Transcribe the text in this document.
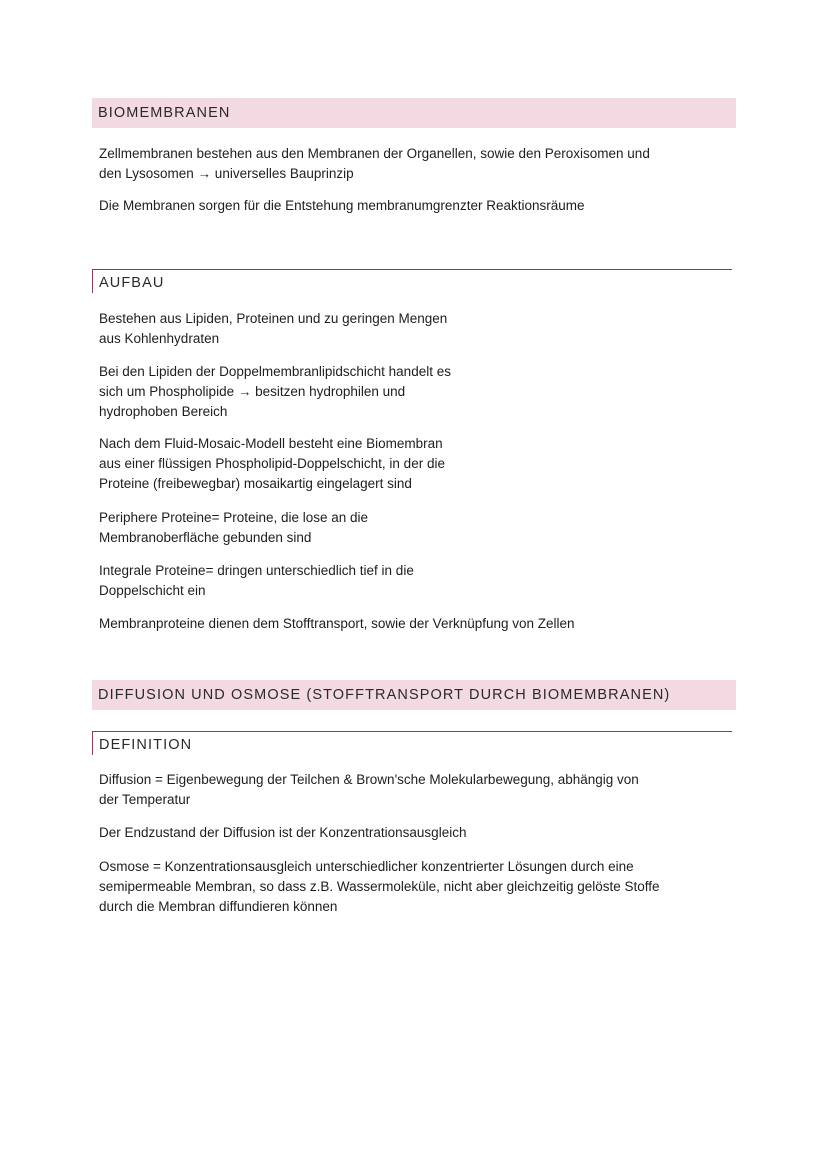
BIOMEMBRANEN

Zellmembranen bestehen aus den Membranen der Organellen, sowie den Peroxisomen und
den Lysosomen → universelles Bauprinzip

Die Membranen sorgen für die Entstehung membranumgrenzter Reaktionsräume

AUFBAU

Bestehen aus Lipiden, Proteinen und zu geringen Mengen
aus Kohlenhydraten

Bei den Lipiden der Doppelmembranlipidschicht handelt es
sich um Phospholipide → besitzen hydrophilen und
hydrophoben Bereich

Nach dem Fluid-Mosaic-Modell besteht eine Biomembran
aus einer flüssigen Phospholipid-Doppelschicht, in der die
Proteine (freibewegbar) mosaikartig eingelagert sind

Periphere Proteine= Proteine, die lose an die
Membranoberfläche gebunden sind

Integrale Proteine= dringen unterschiedlich tief in die
Doppelschicht ein

Membranproteine dienen dem Stofftransport, sowie der Verknüpfung von Zellen

DIFFUSION UND OSMOSE (STOFFTRANSPORT DURCH BIOMEMBRANEN)
DEFINITION

Diffusion = Eigenbewegung der Teilchen & Brown'sche Molekularbewegung, abhängig von
der Temperatur

Der Endzustand der Diffusion ist der Konzentrationsausgleich

Osmose = Konzentrationsausgleich unterschiedlicher konzentrierter Lösungen durch eine
semipermeable Membran, so dass z.B. Wassermoleküle, nicht aber gleichzeitig gelöste Stoffe
durch die Membran diffundieren können
